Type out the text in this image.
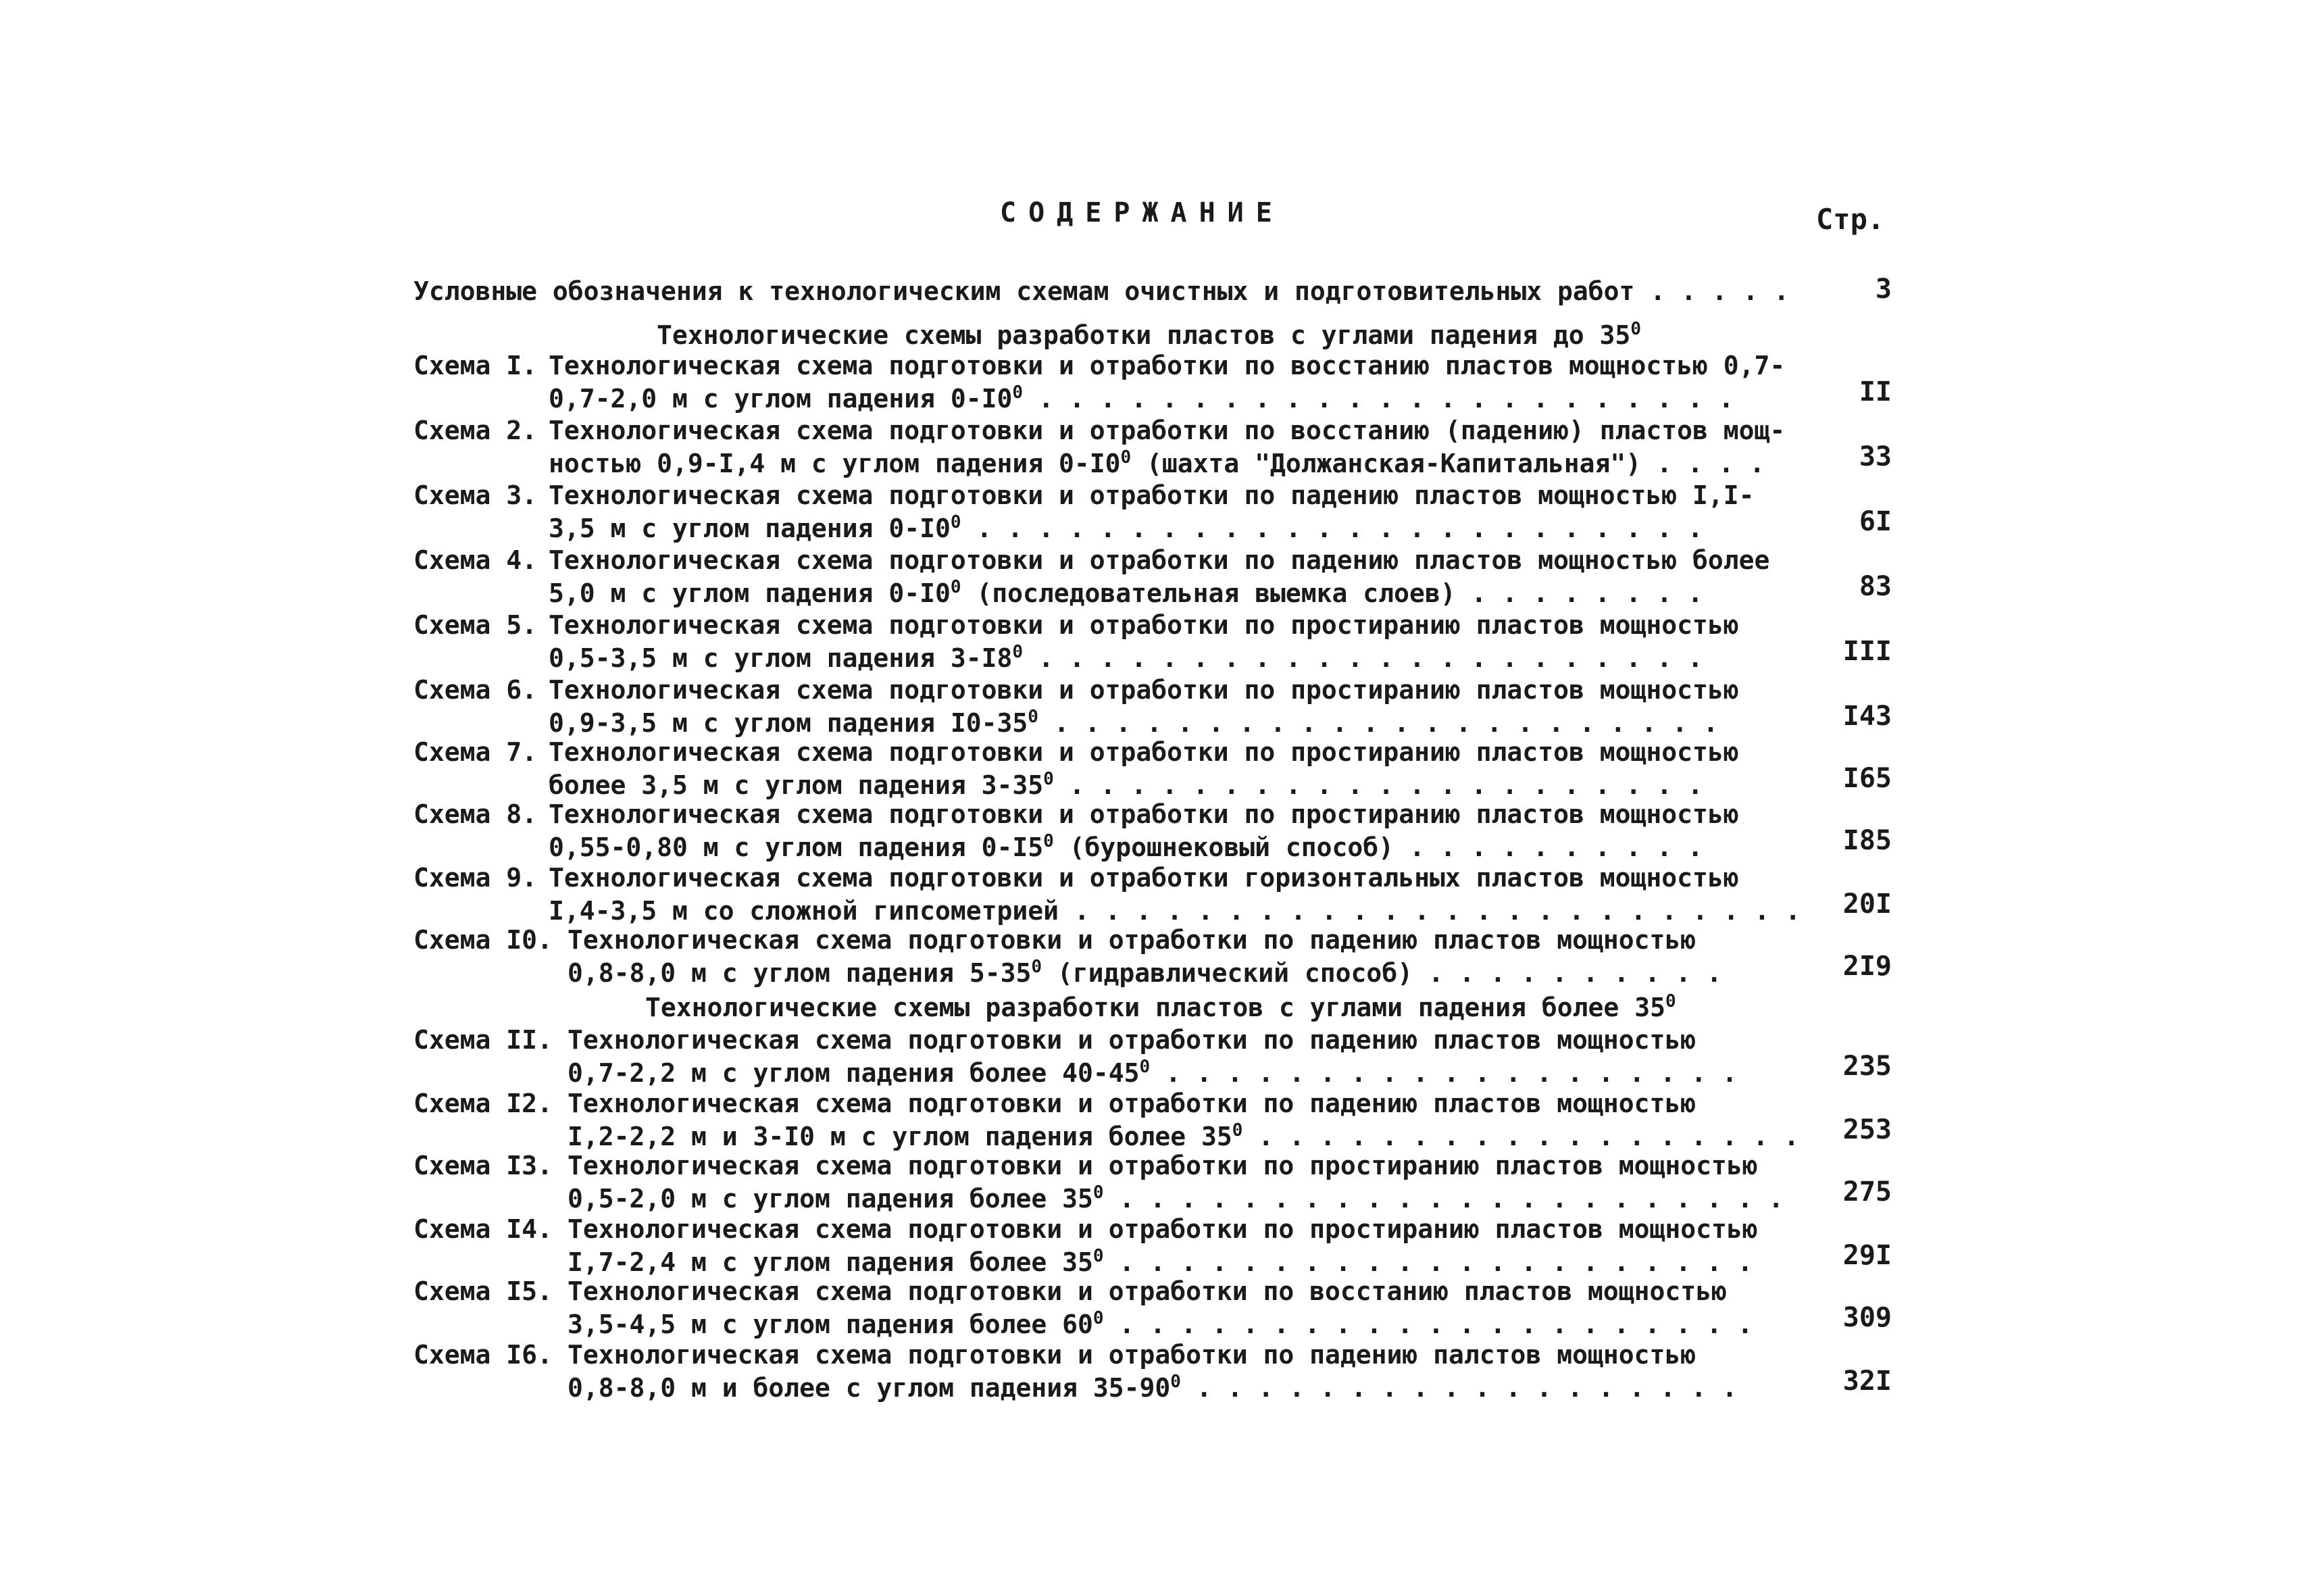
СОДЕРЖАНИЕ	Стр.
Условные обозначения к технологическим схемам очистных и подготовительных работ . . . . .	3
Технологические схемы разработки пластов с углами падения до $35^0$
Схема I. Технологическая схема подготовки и отработки по восстанию пластов мощностью 0,7-
0,7-2,0 м с углом падения $0-I0^0$ . . . . . . . . . . . . . . . . . . . . . . .	II
Схема 2. Технологическая схема подготовки и отработки по восстанию (падению) пластов мощ-
ностью 0,9-I,4 м с углом падения $0-I0^0$ (шахта "Должанская-Капитальная") . . . .	33
Схема 3. Технологическая схема подготовки и отработки по падению пластов мощностью I,I-
3,5 м с углом падения $0-I0^0$ . . . . . . . . . . . . . . . . . . . . . . . .	6I
Схема 4. Технологическая схема подготовки и отработки по падению пластов мощностью более
5,0 м с углом падения $0-I0^0$ (последовательная выемка слоев) . . . . . . . .	83
Схема 5. Технологическая схема подготовки и отработки по простиранию пластов мощностью
0,5-3,5 м с углом падения $3-I8^0$ . . . . . . . . . . . . . . . . . . . . . .	III
Схема 6. Технологическая схема подготовки и отработки по простиранию пластов мощностью
0,9-3,5 м с углом падения $I0-35^0$ . . . . . . . . . . . . . . . . . . . . . .	I43
Схема 7. Технологическая схема подготовки и отработки по простиранию пластов мощностью
более 3,5 м с углом падения $3-35^0$ . . . . . . . . . . . . . . . . . . . . .	I65
Схема 8. Технологическая схема подготовки и отработки по простиранию пластов мощностью
0,55-0,80 м с углом падения $0-I5^0$ (бурошнековый способ) . . . . . . . . . .	I85
Схема 9. Технологическая схема подготовки и отработки горизонтальных пластов мощностью
I,4-3,5 м со сложной гипсометрией . . . . . . . . . . . . . . . . . . . . . . . .	20I
Схема I0. Технологическая схема подготовки и отработки по падению пластов мощностью
0,8-8,0 м с углом падения $5-35^0$ (гидравлический способ) . . . . . . . . . .	2I9
Схема II. Технологическая схема подготовки и отработки по падению пластов мощностью
0,7-2,2 м с углом падения более $40-45^0$ . . . . . . . . . . . . . . . . . . .	235
Схема I2. Технологическая схема подготовки и отработки по падению пластов мощностью
I,2-2,2 м и 3-I0 м с углом падения более $35^0$ . . . . . . . . . . . . . . . . . .	253
Схема I3. Технологическая схема подготовки и отработки по простиранию пластов мощностью
0,5-2,0 м с углом падения более $35^0$ . . . . . . . . . . . . . . . . . . . . . .	275
Схема I4. Технологическая схема подготовки и отработки по простиранию пластов мощностью
I,7-2,4 м с углом падения более $35^0$ . . . . . . . . . . . . . . . . . . . . .	29I
Схема I5. Технологическая схема подготовки и отработки по восстанию пластов мощностью
3,5-4,5 м с углом падения более $60^0$ . . . . . . . . . . . . . . . . . . . . .	309
Схема I6. Технологическая схема подготовки и отработки по падению палстов мощностью
0,8-8,0 м и более с углом падения $35-90^0$ . . . . . . . . . . . . . . . . . .	32I
Технологические схемы разработки пластов с углами падения более $35^0$
